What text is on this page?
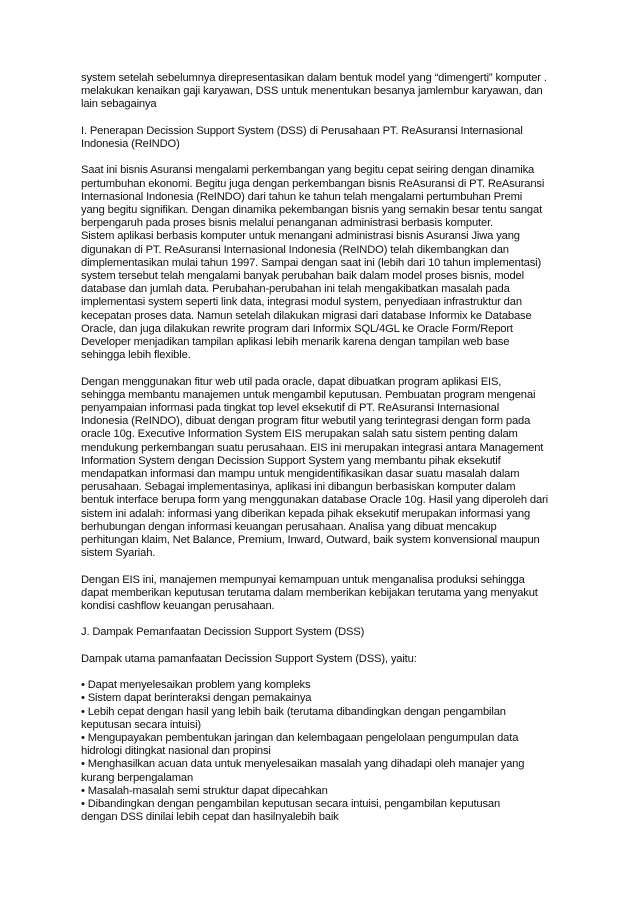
system setelah sebelumnya direpresentasikan dalam bentuk model yang “dimengerti” komputer .
melakukan kenaikan gaji karyawan, DSS untuk menentukan besanya jamlembur karyawan, dan
lain sebagainya
I. Penerapan Decission Support System (DSS) di Perusahaan PT. ReAsuransi Internasional
Indonesia (ReINDO)
Saat ini bisnis Asuransi mengalami perkembangan yang begitu cepat seiring dengan dinamika
pertumbuhan ekonomi. Begitu juga dengan perkembangan bisnis ReAsuransi di PT. ReAsuransi
Internasional Indonesia (ReINDO) dari tahun ke tahun telah mengalami pertumbuhan Premi
yang begitu signifikan. Dengan dinamika pekembangan bisnis yang semakin besar tentu sangat
berpengaruh pada proses bisnis melalui penanganan administrasi berbasis komputer.
Sistem aplikasi berbasis komputer untuk menangani administrasi bisnis Asuransi Jiwa yang
digunakan di PT. ReAsuransi Internasional Indonesia (ReINDO) telah dikembangkan dan
dimplementasikan mulai tahun 1997. Sampai dengan saat ini (lebih dari 10 tahun implementasi)
system tersebut telah mengalami banyak perubahan baik dalam model proses bisnis, model
database dan jumlah data. Perubahan-perubahan ini telah mengakibatkan masalah pada
implementasi system seperti link data, integrasi modul system, penyediaan infrastruktur dan
kecepatan proses data. Namun setelah dilakukan migrasi dari database Informix ke Database
Oracle, dan juga dilakukan rewrite program dari Informix SQL/4GL ke Oracle Form/Report
Developer menjadikan tampilan aplikasi lebih menarik karena dengan tampilan web base
sehingga lebih flexible.
Dengan menggunakan fitur web util pada oracle, dapat dibuatkan program aplikasi EIS,
sehingga membantu manajemen untuk mengambil keputusan. Pembuatan program mengenai
penyampaian informasi pada tingkat top level eksekutif di PT. ReAsuransi Internasional
Indonesia (ReINDO), dibuat dengan program fitur webutil yang terintegrasi dengan form pada
oracle 10g. Executive Information System EIS merupakan salah satu sistem penting dalam
mendukung perkembangan suatu perusahaan. EIS ini merupakan integrasi antara Management
Information System dengan Decission Support System yang membantu pihak eksekutif
mendapatkan informasi dan mampu untuk mengidentifikasikan dasar suatu masalah dalam
perusahaan. Sebagai implementasinya, aplikasi ini dibangun berbasiskan komputer dalam
bentuk interface berupa form yang menggunakan database Oracle 10g. Hasil yang diperoleh dari
sistem ini adalah: informasi yang diberikan kepada pihak eksekutif merupakan informasi yang
berhubungan dengan informasi keuangan perusahaan. Analisa yang dibuat mencakup
perhitungan klaim, Net Balance, Premium, Inward, Outward, baik system konvensional maupun
sistem Syariah.
Dengan EIS ini, manajemen mempunyai kemampuan untuk menganalisa produksi sehingga
dapat memberikan keputusan terutama dalam memberikan kebijakan terutama yang menyakut
kondisi cashflow keuangan perusahaan.
J. Dampak Pemanfaatan Decission Support System (DSS)
Dampak utama pamanfaatan Decission Support System (DSS), yaitu:
• Dapat menyelesaikan problem yang kompleks
• Sistem dapat berinteraksi dengan pemakainya
• Lebih cepat dengan hasil yang lebih baik (terutama dibandingkan dengan pengambilan
keputusan secara intuisi)
• Mengupayakan pembentukan jaringan dan kelembagaan pengelolaan pengumpulan data
hidrologi ditingkat nasional dan propinsi
• Menghasilkan acuan data untuk menyelesaikan masalah yang dihadapi oleh manajer yang
kurang berpengalaman
• Masalah-masalah semi struktur dapat dipecahkan
• Dibandingkan dengan pengambilan keputusan secara intuisi, pengambilan keputusan
dengan DSS dinilai lebih cepat dan hasilnyalebih baik
